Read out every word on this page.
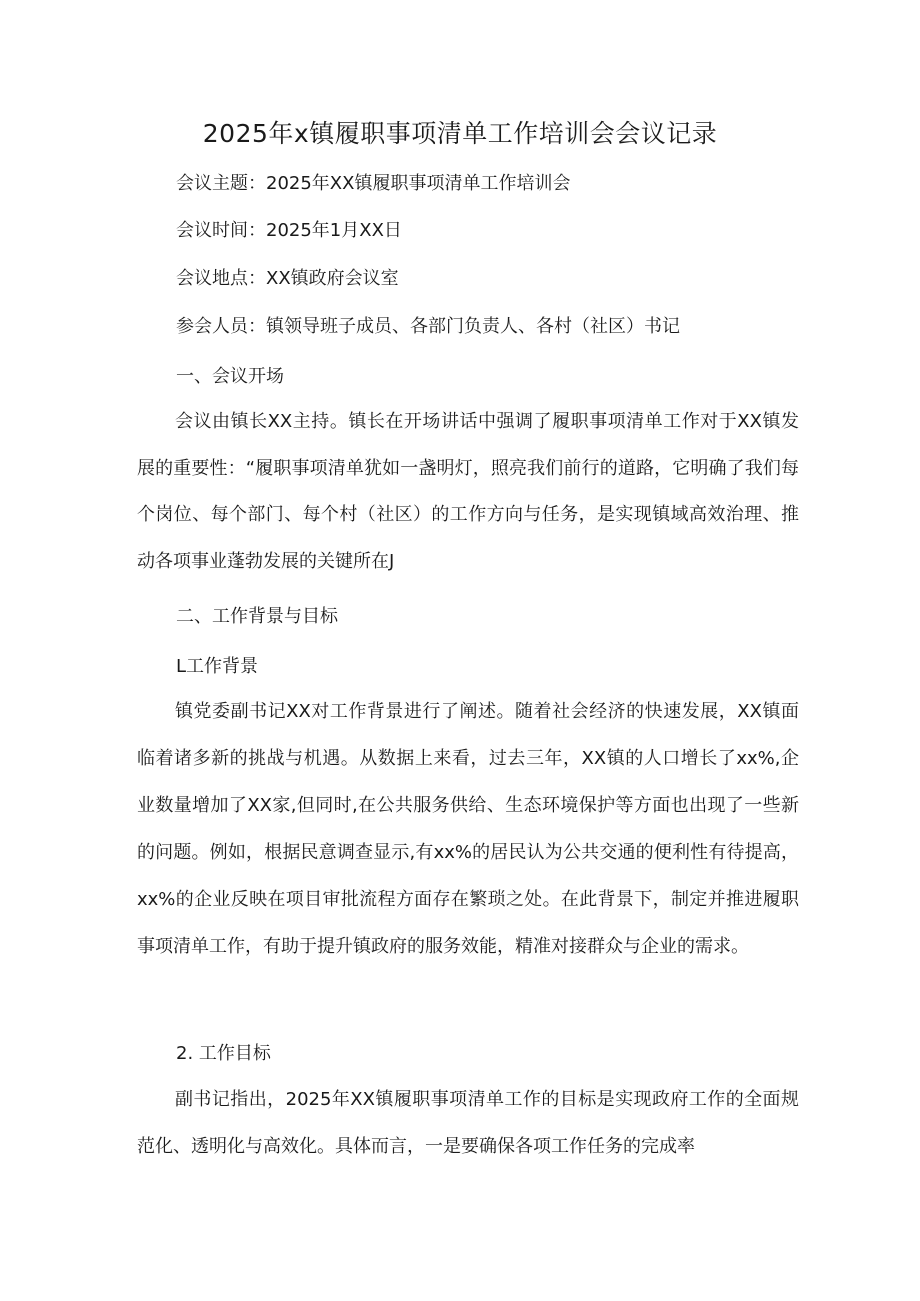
2025年x镇履职事项清单工作培训会会议记录
会议主题：2025年XX镇履职事项清单工作培训会
会议时间：2025年1月XX日
会议地点：XX镇政府会议室
参会人员：镇领导班子成员、各部门负责人、各村（社区）书记
一、会议开场

会议由镇长XX主持。镇长在开场讲话中强调了履职事项清单工作对于XX镇发展的重要性：“履职事项清单犹如一盏明灯，照亮我们前行的道路，它明确了我们每个岗位、每个部门、每个村（社区）的工作方向与任务，是实现镇域高效治理、推动各项事业蓬勃发展的关键所在J

二、工作背景与目标
L工作背景

镇党委副书记XX对工作背景进行了阐述。随着社会经济的快速发展，XX镇面临着诸多新的挑战与机遇。从数据上来看，过去三年，XX镇的人口增长了xx%,企业数量增加了XX家,但同时,在公共服务供给、生态环境保护等方面也出现了一些新的问题。例如，根据民意调查显示,有xx%的居民认为公共交通的便利性有待提高，xx%的企业反映在项目审批流程方面存在繁琐之处。在此背景下，制定并推进履职事项清单工作，有助于提升镇政府的服务效能，精准对接群众与企业的需求。

2. 工作目标

副书记指出，2025年XX镇履职事项清单工作的目标是实现政府工作的全面规范化、透明化与高效化。具体而言，一是要确保各项工作任务的完成率
